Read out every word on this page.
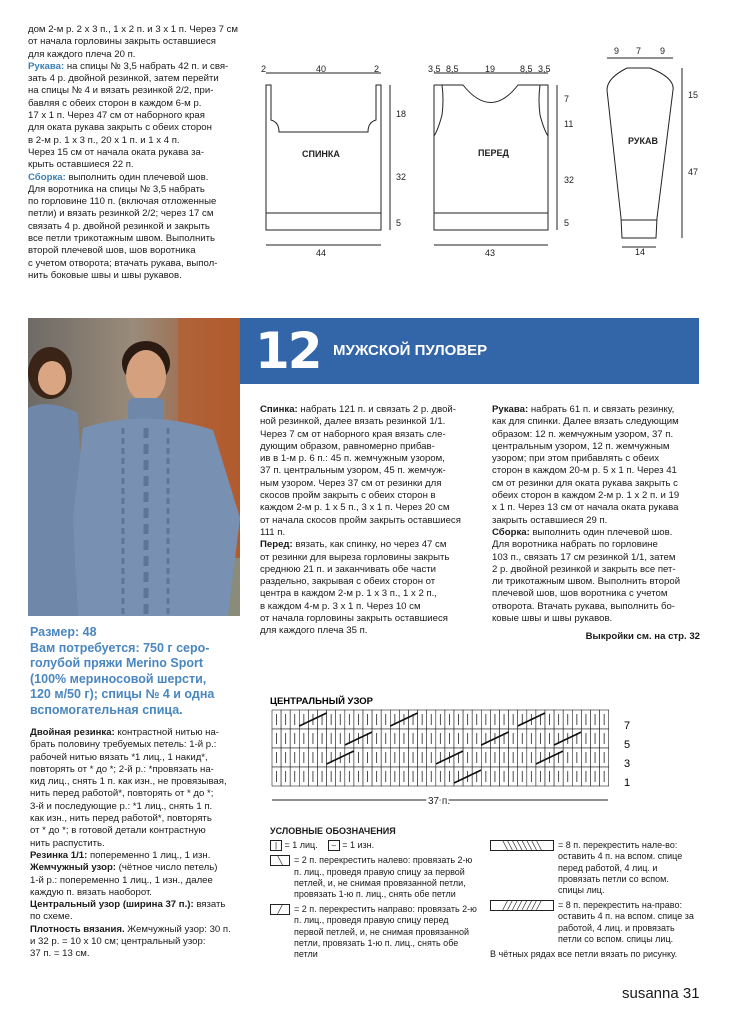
дом 2-м р. 2 х 3 п., 1 х 2 п. и 3 х 1 п. Через 7 см
от начала горловины закрыть оставшиеся
для каждого плеча 20 п.

Рукава: на спицы № 3,5 набрать 42 п. и свя-

зать 4 р. двойной резинкой, затем перейти
на спицы № 4 и вязать резинкой 2/2, при-
бавляя с обеих сторон в каждом 6-м р.
17 х 1 п. Через 47 см от наборного края
для оката рукава закрыть с обеих сторон
в 2-м р. 1 х 3 п., 20 х 1 п. и 1 х 4 п.
Через 15 см от начала оката рукава за-
крыть оставшиеся 22 п.

Сборка: выполнить один плечевой шов.

Для воротника на спицы № 3,5 набрать
по горловине 110 п. (включая отложенные
петли) и вязать резинкой 2/2; через 17 см
связать 4 р. двойной резинкой и закрыть
все петли трикотажным швом. Выполнить
второй плечевой шов, шов воротника
с учетом отворота; втачать рукава, выпол-
нить боковые швы и швы рукавов.

2	40	2
18
32
5
44
СПИНКА
3,5 8,5	19	8,5 3,5
7
11
32
5
43
ПЕРЕД
9 7 9
15
47
14
РУКАВ
12 МУЖСКОЙ ПУЛОВЕР
Размер: 48
Вам потребуется: 750 г серо-
голубой пряжи Merino Sport
(100% мериносовой шерсти,
120 м/50 г); спицы № 4 и одна
вспомогательная спица.

Спинка: набрать 121 п. и связать 2 р. двой-

ной резинкой, далее вязать резинкой 1/1.
Через 7 см от наборного края вязать сле-
дующим образом, равномерно прибав-
ив в 1-м р. 6 п.: 45 п. жемчужным узором,
37 п. центральным узором, 45 п. жемчуж-
ным узором. Через 37 см от резинки для
скосов пройм закрыть с обеих сторон в
каждом 2-м р. 1 х 5 п., 3 х 1 п. Через 20 см
от начала скосов пройм закрыть оставшиеся 111 п.

Перед: вязать, как спинку, но через 47 см

от резинки для выреза горловины закрыть
среднюю 21 п. и заканчивать обе части
раздельно, закрывая с обеих сторон от
центра в каждом 2-м р. 1 х 3 п., 1 х 2 п.,
в каждом 4-м р. 3 х 1 п. Через 10 см
от начала горловины закрыть оставшиеся
для каждого плеча 35 п.

Рукава: набрать 61 п. и связать резинку,

как для спинки. Далее вязать следующим
образом: 12 п. жемчужным узором, 37 п.
центральным узором, 12 п. жемчужным
узором; при этом прибавлять с обеих
сторон в каждом 20-м р. 5 х 1 п. Через 41
см от резинки для оката рукава закрыть с
обеих сторон в каждом 2-м р. 1 х 2 п. и 19
х 1 п. Через 13 см от начала оката рукава
закрыть оставшиеся 29 п.

Сборка: выполнить один плечевой шов.

Для воротника набрать по горловине
103 п., связать 17 см резинкой 1/1, затем
2 р. двойной резинкой и закрыть все пет-
ли трикотажным швом. Выполнить второй
плечевой шов, шов воротника с учетом
отворота. Втачать рукава, выполнить бо-
ковые швы и швы рукавов.

Выкройки см. на стр. 32

Двойная резинка: контрастной нитью на-

брать половину требуемых петель: 1-й р.:
рабочей нитью вязать *1 лиц., 1 накид*,
повторять от * до *; 2-й р.: *провязать на-
кид лиц., снять 1 п. как изн., не провязывая,
нить перед работой*, повторять от * до *;
3-й и последующие р.: *1 лиц., снять 1 п.
как изн., нить перед работой*, повторять
от * до *; в готовой детали контрастную
нить распустить.

Резинка 1/1: попеременно 1 лиц., 1 изн.

Жемчужный узор: (чётное число петель)

1-й р.: попеременно 1 лиц., 1 изн., далее
каждую п. вязать наоборот.

Центральный узор (ширина 37 п.): вязать

по схеме.

Плотность вязания. Жемчужный узор: 30 п.

и 32 р. = 10 х 10 см; центральный узор:
37 п. = 13 см.

ЦЕНТРАЛЬНЫЙ УЗОР
7
5
3
1
37 п.
УСЛОВНЫЕ ОБОЗНАЧЕНИЯ
| = 1 лиц. – = 1 изн.
╲	= 2 п. перекрестить налево: провязать 2-ю п. лиц., проведя правую спицу за первой петлей, и, не снимая провязанной петли, провязать 1-ю п. лиц., снять обе петли
╱	= 2 п. перекрестить направо: провязать 2-ю п. лиц., проведя правую спицу перед первой петлей, и, не снимая провязанной петли, провязать 1-ю п. лиц., снять обе петли
╲╲╲╲╲╲╲╲	= 8 п. перекрестить нале-во: оставить 4 п. на вспом. спице перед работой, 4 лиц. и провязать петли со вспом. спицы лиц.
╱╱╱╱╱╱╱╱	= 8 п. перекрестить на-право: оставить 4 п. на вспом. спице за работой, 4 лиц. и провязать петли со вспом. спицы лиц.
В чётных рядах все петли вязать по рисунку.
susanna 31
